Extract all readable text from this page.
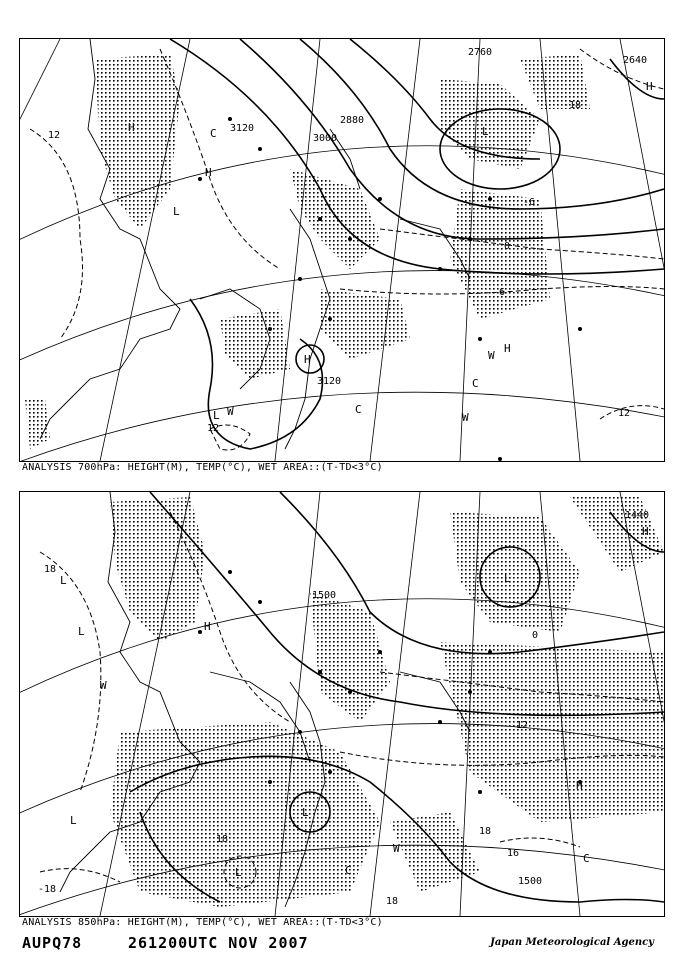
2760
2640
2880
3000
3120
3120
12
-18
-6
0
12
12
6
H
H
L
C	L
H
W
C
W
C
H
L W
H
ANALYSIS 700hPa: HEIGHT(M), TEMP(°C), WET AREA::(T-TD<3°C)
1500
1500
1440
18
18
18
18
16
0
12
-18
L
L
W
H
L
L
L	C
W
L
H
C
H
ANALYSIS 850hPa: HEIGHT(M), TEMP(°C), WET AREA::(T-TD<3°C)
AUPQ78	261200UTC NOV 2007	Japan Meteorological Agency
